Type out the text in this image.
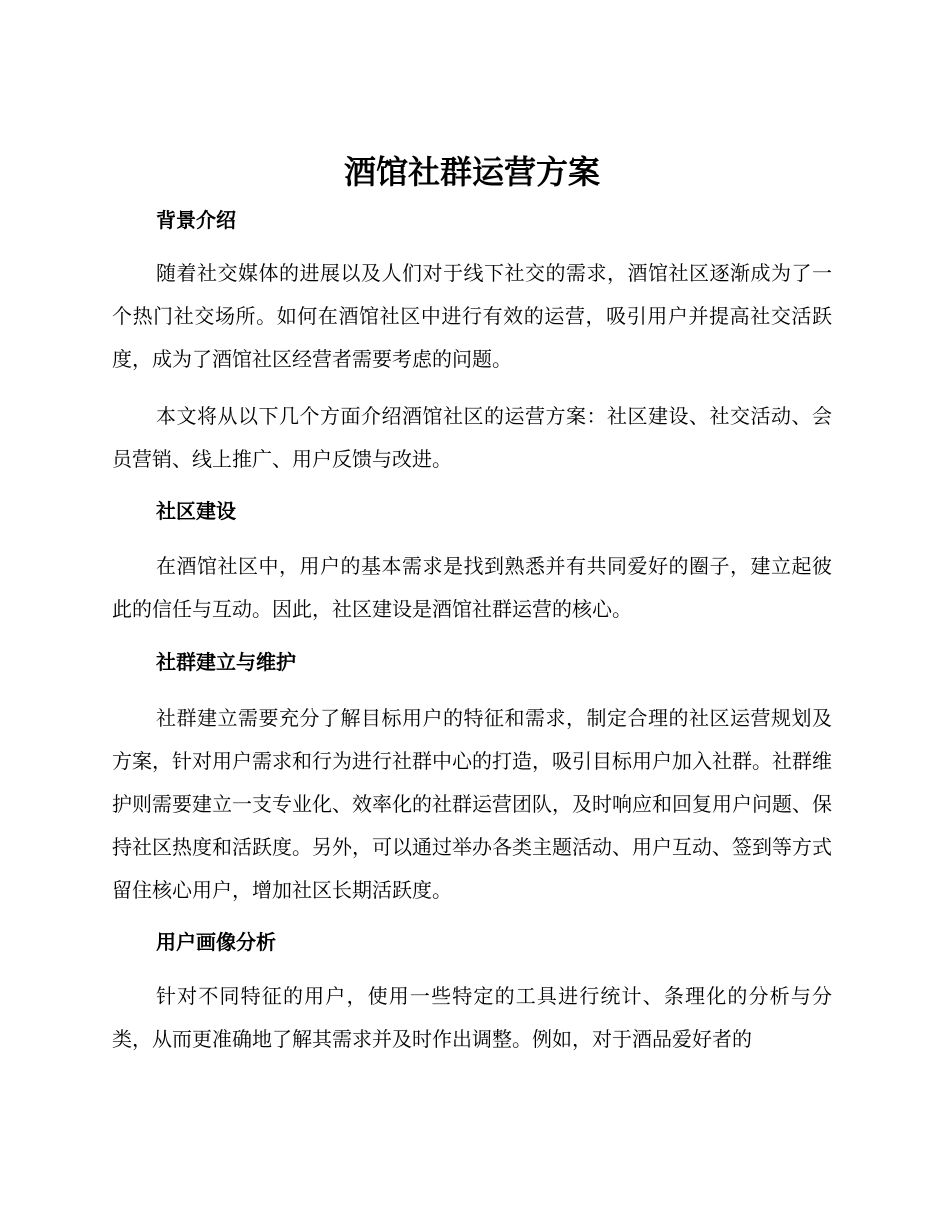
酒馆社群运营方案
背景介绍

随着社交媒体的进展以及人们对于线下社交的需求，酒馆社区逐渐成为了一个热门社交场所。如何在酒馆社区中进行有效的运营，吸引用户并提高社交活跃度，成为了酒馆社区经营者需要考虑的问题。

本文将从以下几个方面介绍酒馆社区的运营方案：社区建设、社交活动、会员营销、线上推广、用户反馈与改进。

社区建设

在酒馆社区中，用户的基本需求是找到熟悉并有共同爱好的圈子，建立起彼此的信任与互动。因此，社区建设是酒馆社群运营的核心。

社群建立与维护

社群建立需要充分了解目标用户的特征和需求，制定合理的社区运营规划及方案，针对用户需求和行为进行社群中心的打造，吸引目标用户加入社群。社群维护则需要建立一支专业化、效率化的社群运营团队，及时响应和回复用户问题、保持社区热度和活跃度。另外，可以通过举办各类主题活动、用户互动、签到等方式留住核心用户，增加社区长期活跃度。

用户画像分析

针对不同特征的用户，使用一些特定的工具进行统计、条理化的分析与分类，从而更准确地了解其需求并及时作出调整。例如，对于酒品爱好者的
